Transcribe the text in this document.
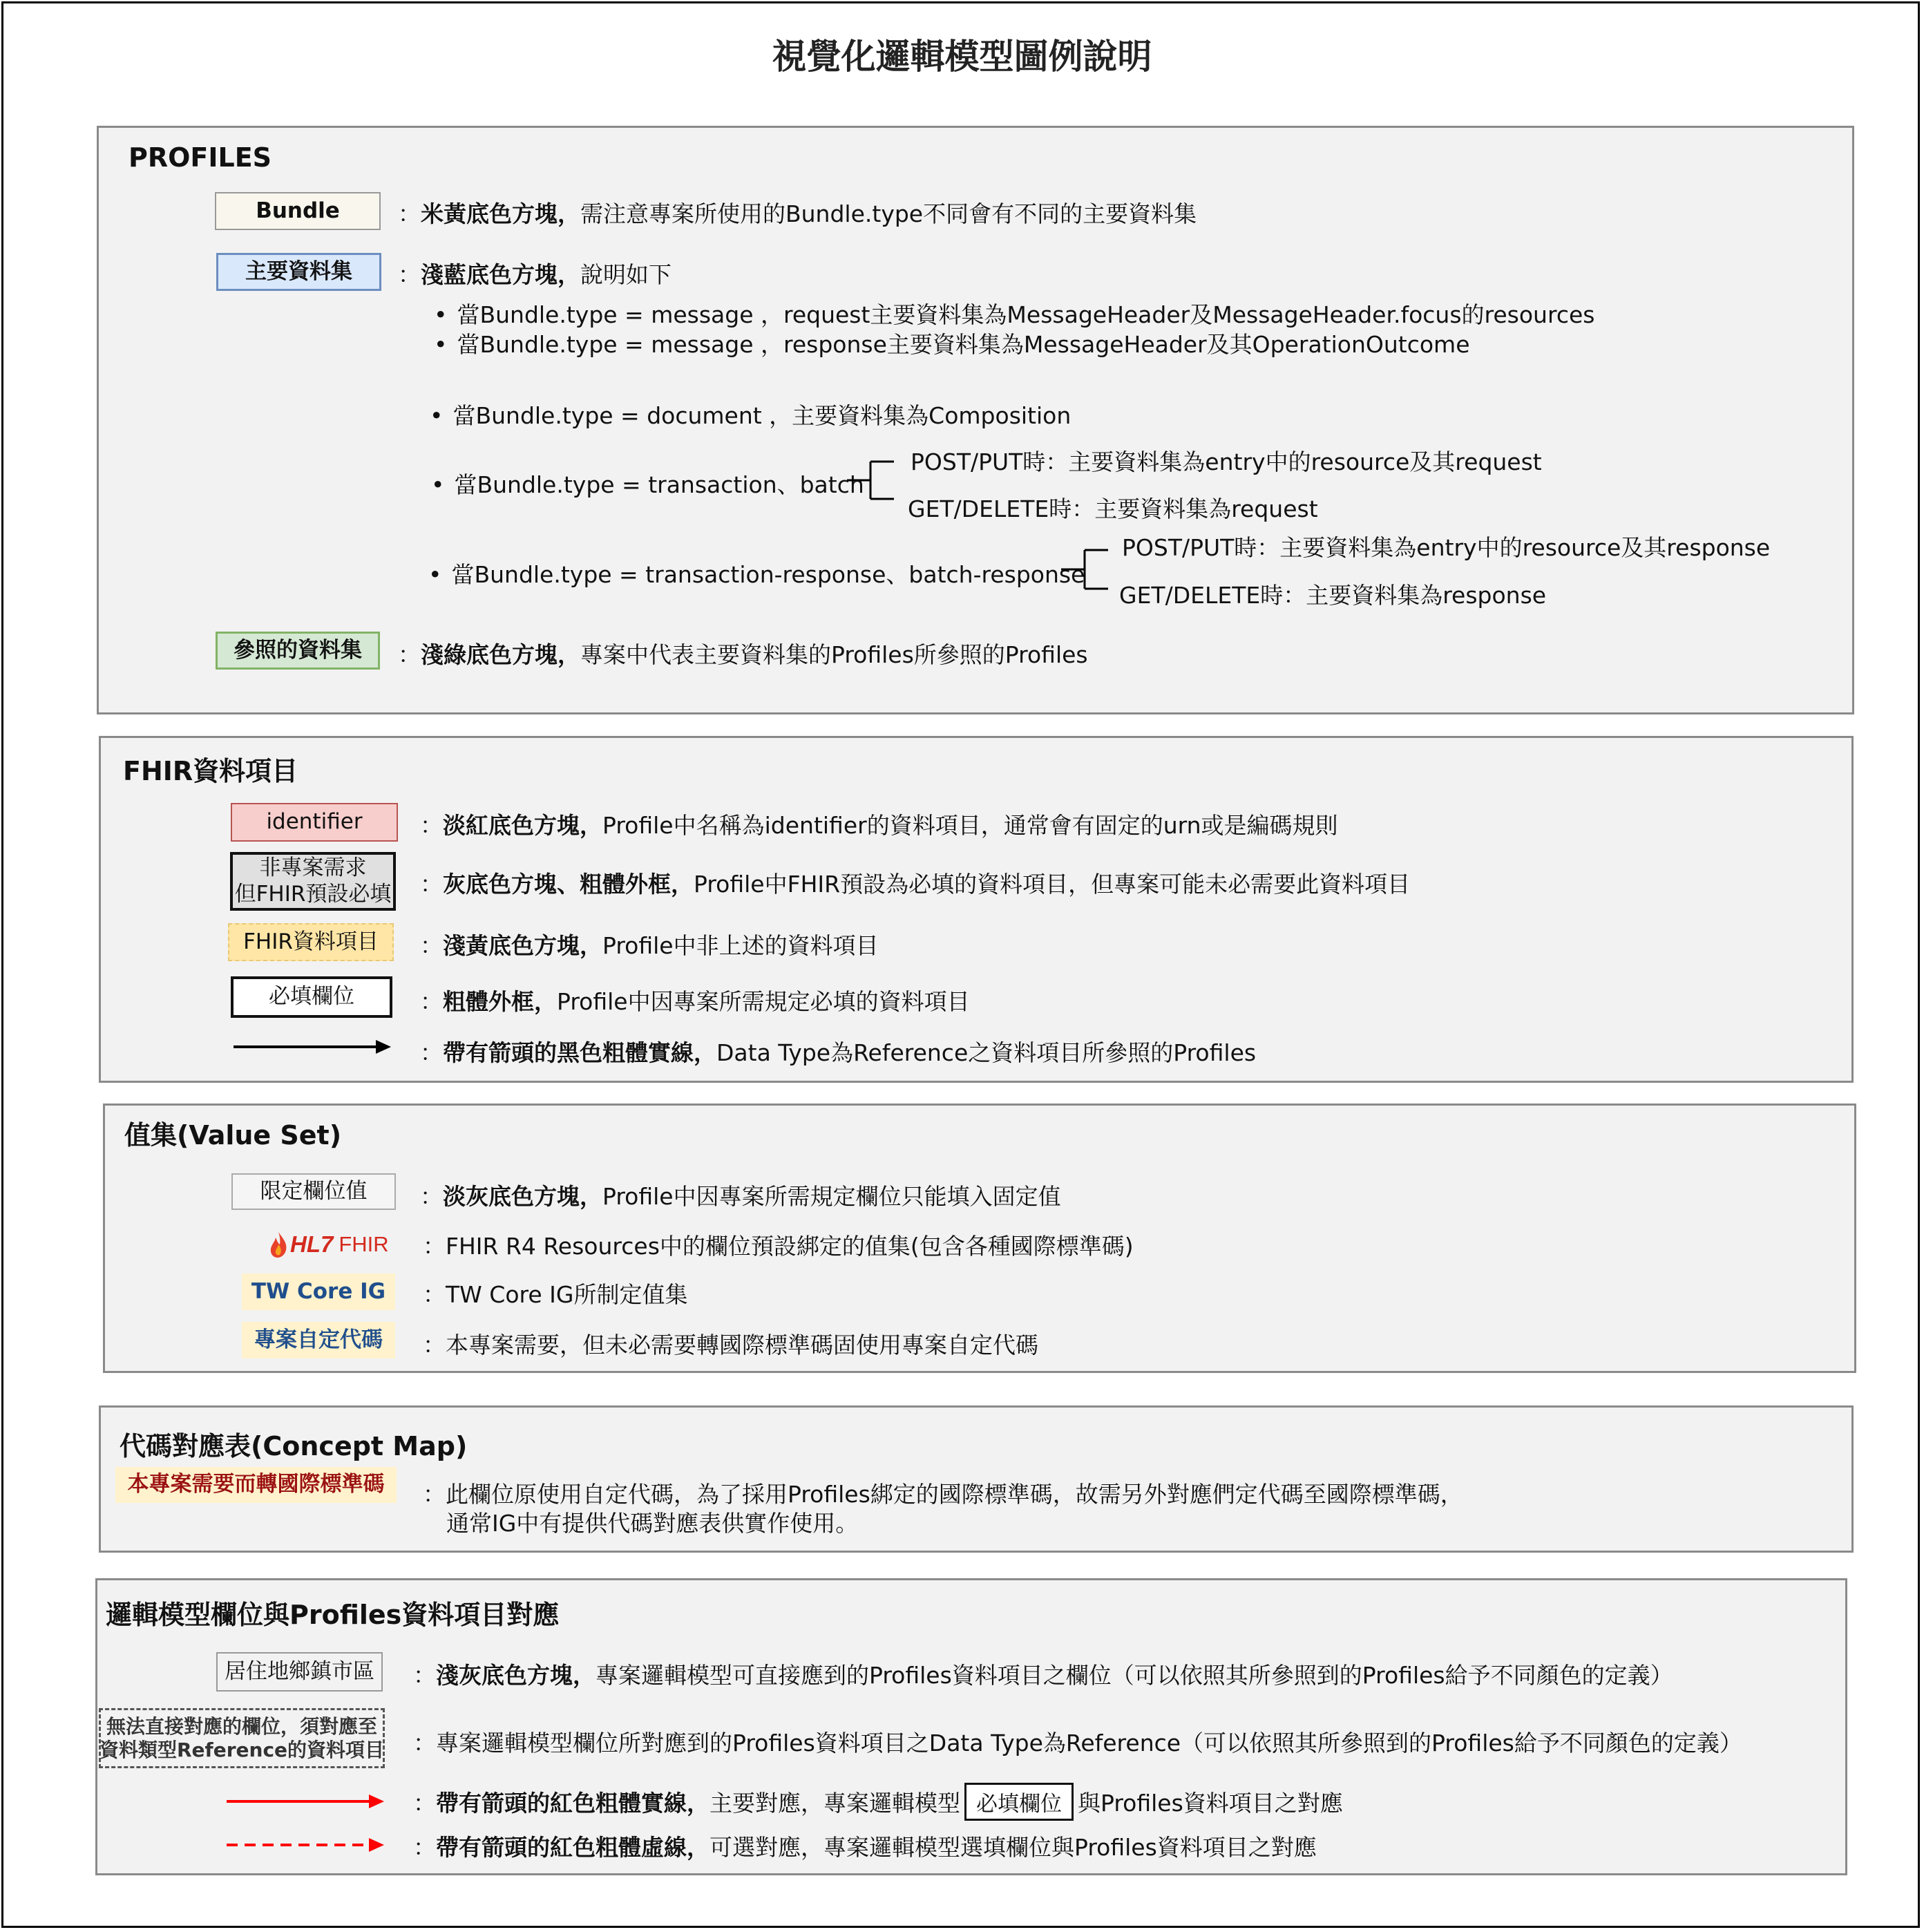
視覺化邏輯模型圖例說明
PROFILES
Bundle	：米黃底色方塊，需注意專案所使用的Bundle.type不同會有不同的主要資料集
主要資料集 ：淺藍底色方塊，說明如下
• 當Bundle.type = message ，request主要資料集為MessageHeader及MessageHeader.focus的resources
• 當Bundle.type = message ，response主要資料集為MessageHeader及其OperationOutcome
• 當Bundle.type = document ，主要資料集為Composition
• 當Bundle.type = transaction、batch
POST/PUT時：主要資料集為entry中的resource及其request
GET/DELETE時：主要資料集為request
• 當Bundle.type = transaction-response、batch-response
POST/PUT時：主要資料集為entry中的resource及其response
GET/DELETE時：主要資料集為response
參照的資料集 ：淺綠底色方塊，專案中代表主要資料集的Profiles所參照的Profiles
FHIR資料項目
identifier	：淡紅底色方塊，Profile中名稱為identifier的資料項目，通常會有固定的urn或是編碼規則
非專案需求
但FHIR預設必填 ：灰底色方塊、粗體外框，Profile中FHIR預設為必填的資料項目，但專案可能未必需要此資料項目
FHIR資料項目 ：淺黃底色方塊，Profile中非上述的資料項目
必填欄位	：粗體外框，Profile中因專案所需規定必填的資料項目
：帶有箭頭的黑色粗體實線，Data Type為Reference之資料項目所參照的Profiles
值集(Value Set)
限定欄位值 ：淡灰底色方塊，Profile中因專案所需規定欄位只能填入固定值
HL7 FHIR ：FHIR R4 Resources中的欄位預設綁定的值集(包含各種國際標準碼)
TW Core IG ：TW Core IG所制定值集
專案自定代碼 ：本專案需要，但未必需要轉國際標準碼固使用專案自定代碼
代碼對應表(Concept Map)
本專案需要而轉國際標準碼 ：此欄位原使用自定代碼，為了採用Profiles綁定的國際標準碼，故需另外對應們定代碼至國際標準碼，
通常IG中有提供代碼對應表供實作使用。
邏輯模型欄位與Profiles資料項目對應
居住地鄉鎮市區 ：淺灰底色方塊，專案邏輯模型可直接應到的Profiles資料項目之欄位（可以依照其所參照到的Profiles給予不同顏色的定義）
無法直接對應的欄位，須對應至
資料類型Reference的資料項目 ：專案邏輯模型欄位所對應到的Profiles資料項目之Data Type為Reference（可以依照其所參照到的Profiles給予不同顏色的定義）
： 帶有箭頭的紅色粗體實線， 主要對應，專案邏輯模型 必填欄位 與Profiles資料項目之對應
：帶有箭頭的紅色粗體虛線，可選對應，專案邏輯模型選填欄位與Profiles資料項目之對應
